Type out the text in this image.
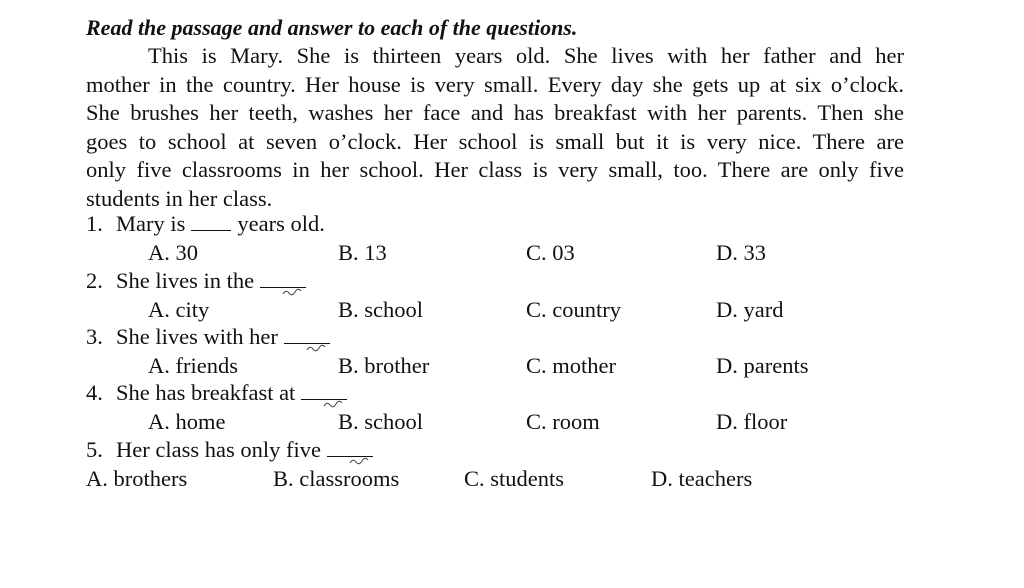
Read the passage and answer to each of the questions.
This is Mary. She is thirteen years old. She lives with her father and her
mother in the country. Her house is very small. Every day she gets up at six o’clock.
She brushes her teeth, washes her face and has breakfast with her parents. Then she
goes to school at seven o’clock. Her school is small but it is very nice. There are
only five classrooms in her school. Her class is very small, too. There are only five
students in her class.
1. Mary is years old.
A. 30	B. 13	C. 03	D. 33
2. She lives in the
A. city	B. school	C. country	D. yard
3. She lives with her
A. friends	B. brother	C. mother	D. parents
4. She has breakfast at
A. home	B. school	C. room	D. floor
5. Her class has only five
A. brothers	B. classrooms	C. students	D. teachers
